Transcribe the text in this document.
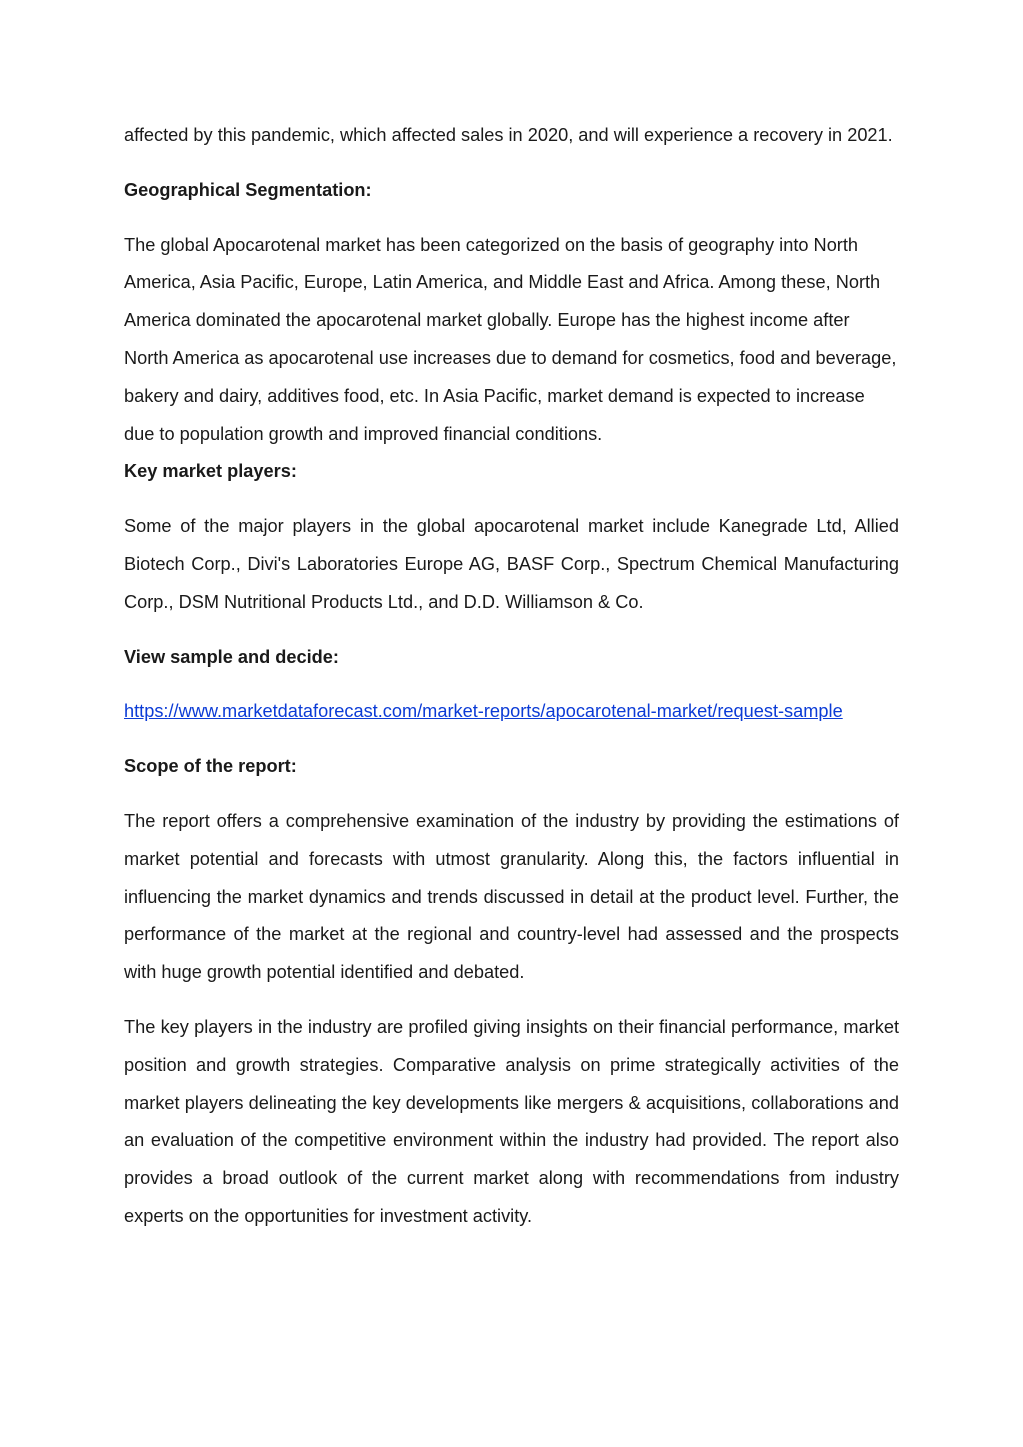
affected by this pandemic, which affected sales in 2020, and will experience a recovery in 2021.

Geographical Segmentation:

The global Apocarotenal market has been categorized on the basis of geography into North America, Asia Pacific, Europe, Latin America, and Middle East and Africa. Among these, North America dominated the apocarotenal market globally. Europe has the highest income after North America as apocarotenal use increases due to demand for cosmetics, food and beverage, bakery and dairy, additives food, etc. In Asia Pacific, market demand is expected to increase due to population growth and improved financial conditions.

Key market players:

Some of the major players in the global apocarotenal market include Kanegrade Ltd, Allied Biotech Corp., Divi's Laboratories Europe AG, BASF Corp., Spectrum Chemical Manufacturing Corp., DSM Nutritional Products Ltd., and D.D. Williamson & Co.

View sample and decide:

https://www.marketdataforecast.com/market-reports/apocarotenal-market/request-sample

Scope of the report:

The report offers a comprehensive examination of the industry by providing the estimations of market potential and forecasts with utmost granularity. Along this, the factors influential in influencing the market dynamics and trends discussed in detail at the product level. Further, the performance of the market at the regional and country-level had assessed and the prospects with huge growth potential identified and debated.

The key players in the industry are profiled giving insights on their financial performance, market position and growth strategies. Comparative analysis on prime strategically activities of the market players delineating the key developments like mergers & acquisitions, collaborations and an evaluation of the competitive environment within the industry had provided. The report also provides a broad outlook of the current market along with recommendations from industry experts on the opportunities for investment activity.
